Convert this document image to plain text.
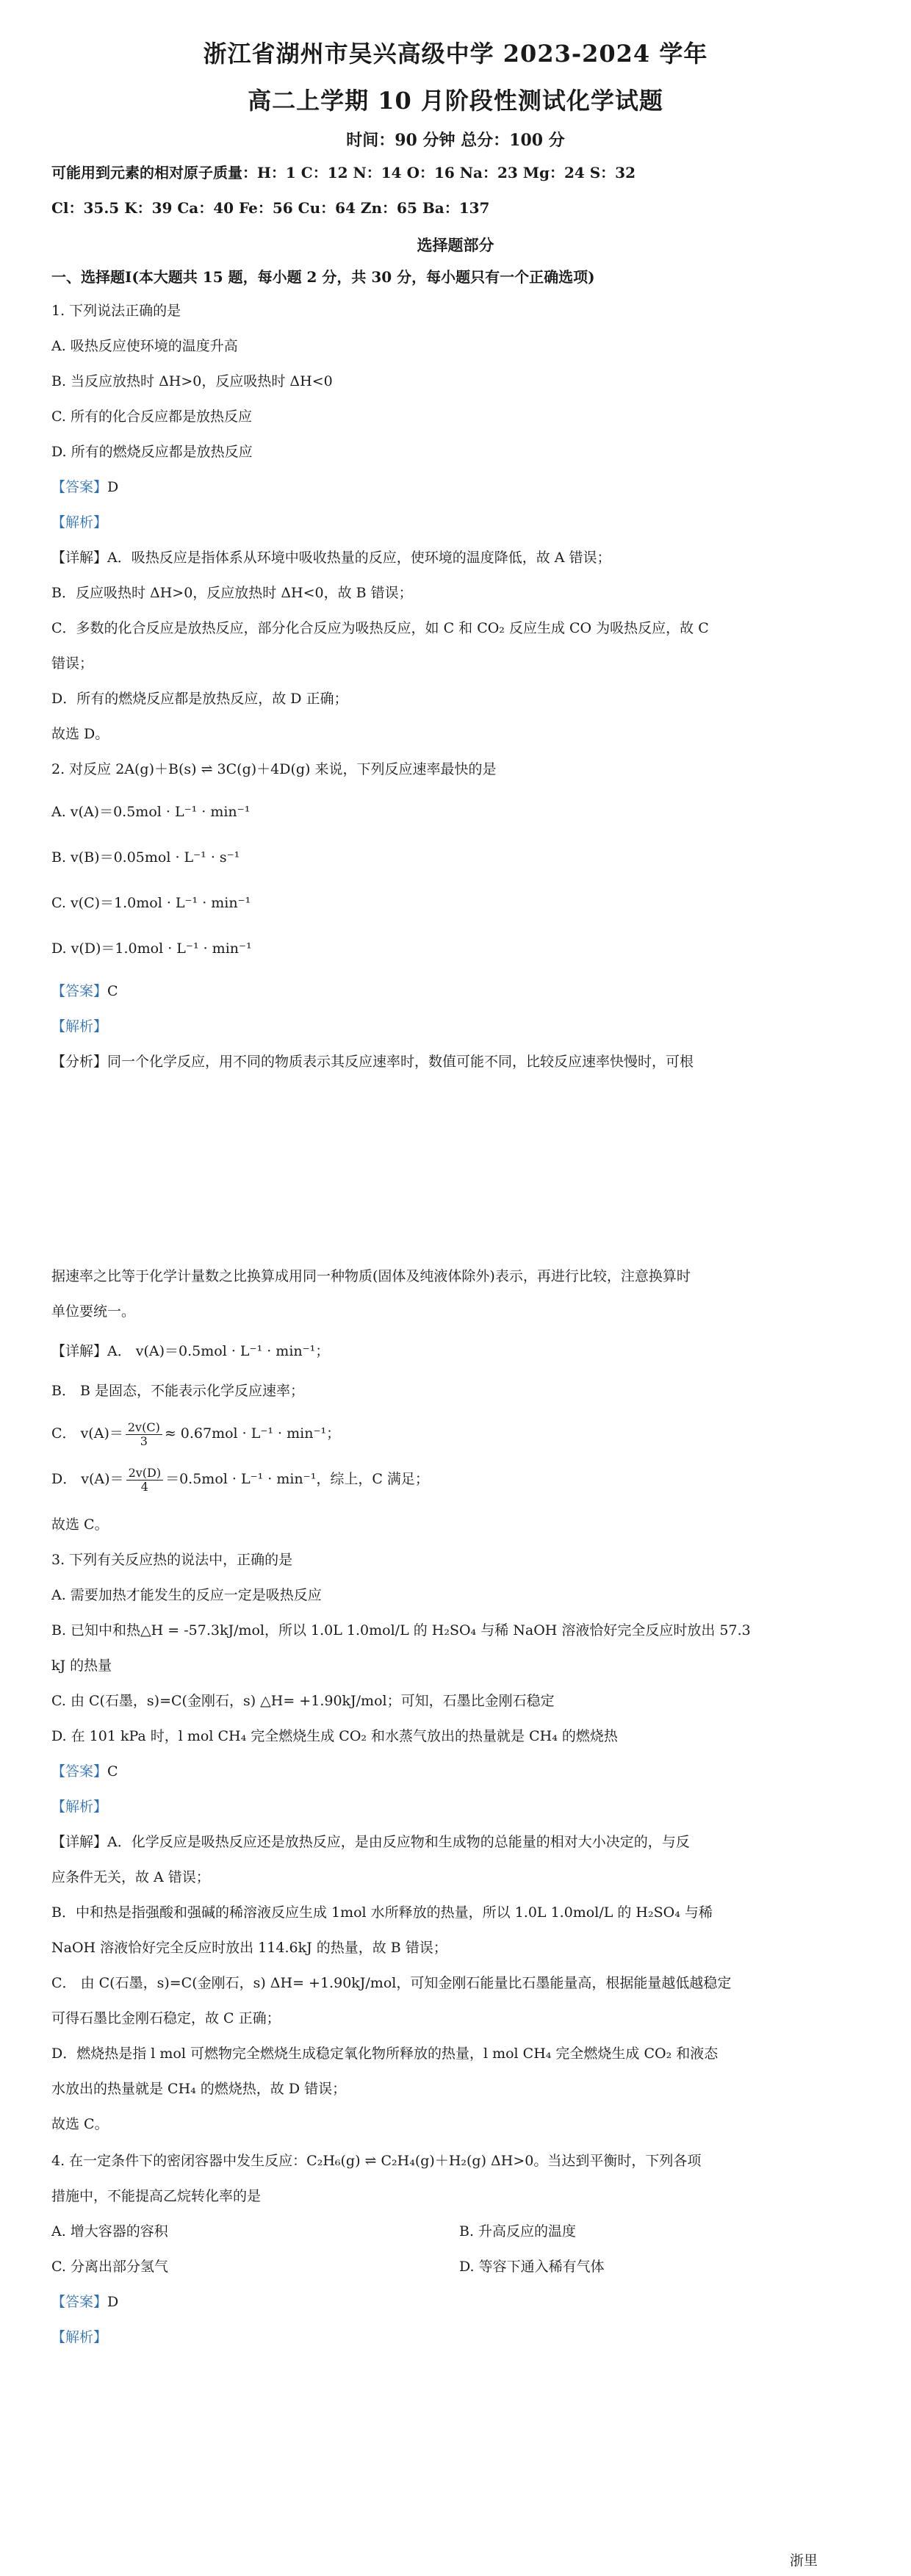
浙江省湖州市吴兴高级中学 2023-2024 学年
高二上学期 10 月阶段性测试化学试题
时间：90 分钟 总分：100 分
可能用到元素的相对原子质量：H：1 C：12 N：14 O：16 Na：23 Mg：24 S：32
Cl：35.5 K：39 Ca：40 Fe：56 Cu：64 Zn：65 Ba：137
选择题部分
一、选择题I(本大题共 15 题，每小题 2 分，共 30 分，每小题只有一个正确选项)
1. 下列说法正确的是
A. 吸热反应使环境的温度升高
B. 当反应放热时 ΔH>0，反应吸热时 ΔH<0
C. 所有的化合反应都是放热反应
D. 所有的燃烧反应都是放热反应
【答案】D
【解析】
【详解】A．吸热反应是指体系从环境中吸收热量的反应，使环境的温度降低，故 A 错误；
B．反应吸热时 ΔH>0，反应放热时 ΔH<0，故 B 错误；
C．多数的化合反应是放热反应，部分化合反应为吸热反应，如 C 和 CO₂ 反应生成 CO 为吸热反应，故 C
错误；
D．所有的燃烧反应都是放热反应，故 D 正确；
故选 D。
2. 对反应 2A(g)＋B(s) ⇌ 3C(g)＋4D(g) 来说，下列反应速率最快的是
A. v(A)＝0.5mol · L⁻¹ · min⁻¹
B. v(B)＝0.05mol · L⁻¹ · s⁻¹
C. v(C)＝1.0mol · L⁻¹ · min⁻¹
D. v(D)＝1.0mol · L⁻¹ · min⁻¹
【答案】C
【解析】
【分析】同一个化学反应，用不同的物质表示其反应速率时，数值可能不同，比较反应速率快慢时，可根
据速率之比等于化学计量数之比换算成用同一种物质(固体及纯液体除外)表示，再进行比较，注意换算时
单位要统一。
【详解】A． v(A)＝0.5mol · L⁻¹ · min⁻¹；
B． B 是固态，不能表示化学反应速率；
C． $v(A)= \frac{2v(C)}{3} \approx 0.67mol \cdot L^{-1} \cdot \min^{-1}$；
D． $v(A)= \frac{2v(D)}{4} =0.5mol \cdot L^{-1} \cdot \min^{-1}$，综上，C 满足；
故选 C。
3. 下列有关反应热的说法中，正确的是
A. 需要加热才能发生的反应一定是吸热反应
B. 已知中和热△H = -57.3kJ/mol，所以 1.0L 1.0mol/L 的 H₂SO₄ 与稀 NaOH 溶液恰好完全反应时放出 57.3
kJ 的热量
C. 由 C(石墨，s)=C(金刚石，s) △H= +1.90kJ/mol；可知，石墨比金刚石稳定
D. 在 101 kPa 时，l mol CH₄ 完全燃烧生成 CO₂ 和水蒸气放出的热量就是 CH₄ 的燃烧热
【答案】C
【解析】
【详解】A．化学反应是吸热反应还是放热反应，是由反应物和生成物的总能量的相对大小决定的，与反
应条件无关，故 A 错误；
B．中和热是指强酸和强碱的稀溶液反应生成 1mol 水所释放的热量，所以 1.0L 1.0mol/L 的 H₂SO₄ 与稀
NaOH 溶液恰好完全反应时放出 114.6kJ 的热量，故 B 错误；
C． 由 C(石墨，s)=C(金刚石，s) ΔH= +1.90kJ/mol，可知金刚石能量比石墨能量高，根据能量越低越稳定
可得石墨比金刚石稳定，故 C 正确；
D．燃烧热是指 l mol 可燃物完全燃烧生成稳定氧化物所释放的热量，l mol CH₄ 完全燃烧生成 CO₂ 和液态
水放出的热量就是 CH₄ 的燃烧热，故 D 错误；
故选 C。
4. 在一定条件下的密闭容器中发生反应：C₂H₆(g) ⇌ C₂H₄(g)＋H₂(g) ΔH>0。当达到平衡时，下列各项
措施中，不能提高乙烷转化率的是
A. 增大容器的容积	B. 升高反应的温度
C. 分离出部分氢气	D. 等容下通入稀有气体
【答案】D
【解析】
浙里
